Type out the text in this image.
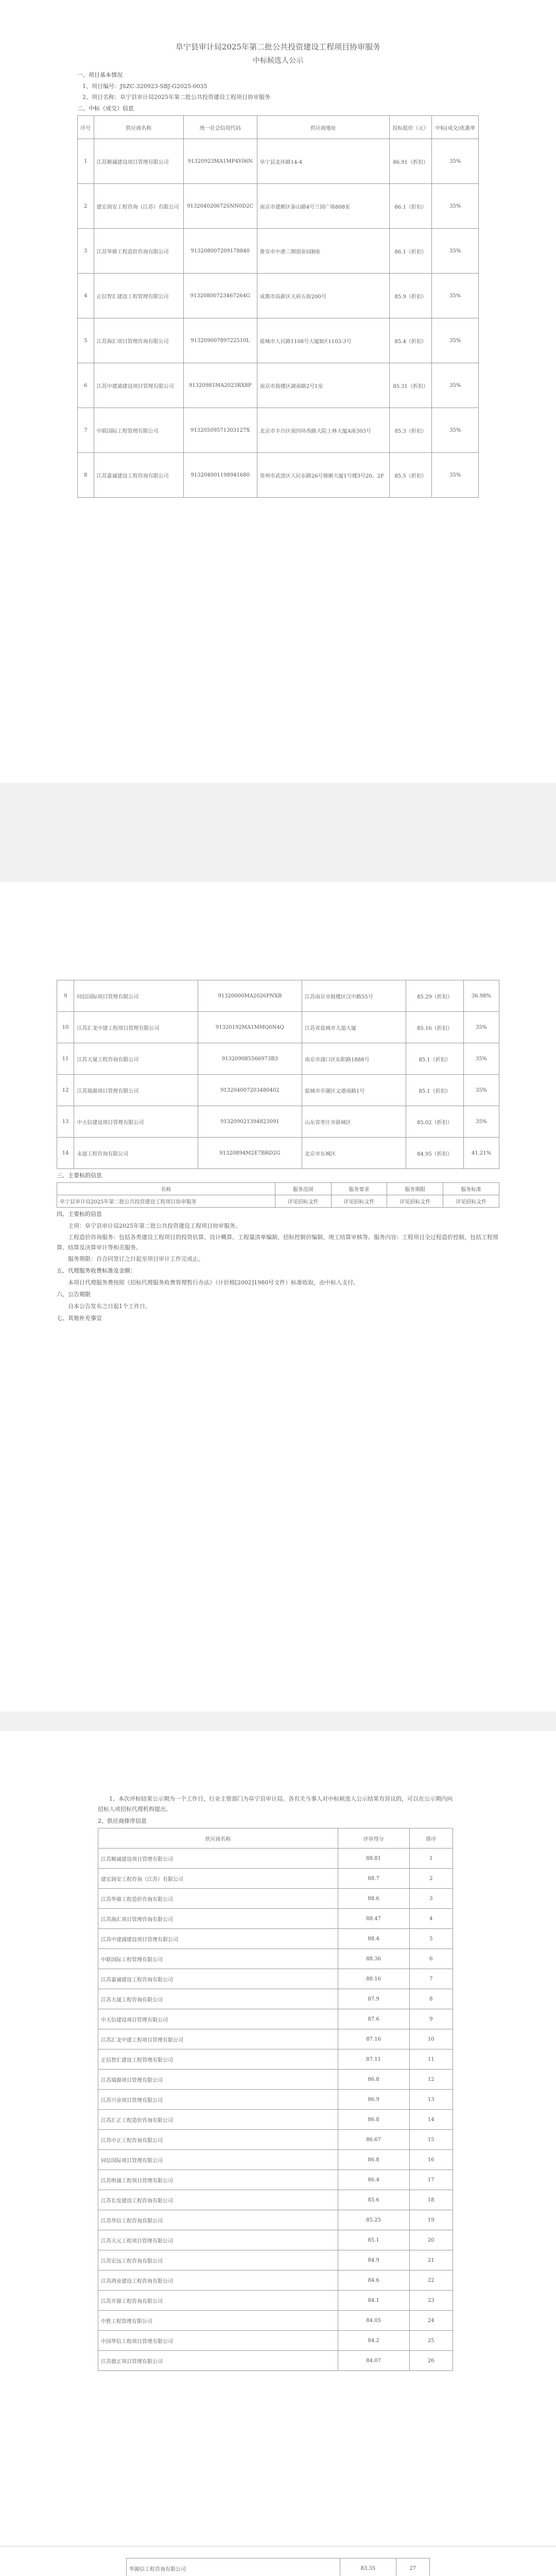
阜宁县审计局2025年第二批公共投资建设工程项目协审服务
中标候选人公示
一、项目基本情况
1、项目编号：JSZC-320923-SBJ-G2025-0035
2、项目名称：阜宁县审计局2025年第二批公共投资建设工程项目协审服务
二、中标（成交）信息
序号	供应商名称	统一社会信用代码	供应商地址	投标报价（元）	中标(成交)优惠率
1	江苏顺诚建设项目管理有限公司	91320923MA1MP4Y06N	阜宁县北环路14-4	86.91（折扣）	35%
2	建宏润安工程咨询（江苏）有限公司	913204020672SNN0D2C	南京市建邺区泰山路4号兰园广场808室	86.1（折扣）	35%
3	江苏华鼎工程造价咨询有限公司	913208007209178840	淮安市中港三期创业园B座	86.1（折扣）	35%
4	正信智汇建设工程管理有限公司	91320800723467264G	成都市高新区天府五街200号	85.9（折扣）	35%
5	江苏海汇项目管理咨询有限公司	91320900789722510L	盐城市人民路1108号大厦B区1103-3号	85.4（折扣）	35%
6	江苏中建浦建设项目管理有限公司	91320981MA2023RX8P	南京市鼓楼区湖南路2号1室	85.31（折扣）	35%
7	中联国际工程管理有限公司	91320509571303127X	北京市丰台区南四环西路大院上林大厦A座303号	85.3（折扣）	35%
8	江苏嘉诚建设工程咨询有限公司	913204001198941680	常州市武进区人民东路26号鼎顺大厦1号楼3号20、2F	85.5（折扣）	35%
9	同信国际项目管理有限公司	91320000MA2026PNXB	江苏南京市鼓楼区汉中路55号	85.29（折扣）	36.98%
10	江苏汇龙中建工程项目管理有限公司	91320192MA1MMQ0N4Q	江苏省盐城市大道大厦	85.16（折扣）	35%
11	江苏天晟工程咨询有限公司	913209085566973B3	南京市浦口区东阳路1888号	85.1（折扣）	35%
12	江苏瑞源项目管理有限公司	913204007203480402	盐城市亭湖区文港南路1号	85.1（折扣）	35%
13	中天信建设项目管理有限公司	913209021394823091	山东省枣庄市薛城区	85.02（折扣）	35%
14	永道工程咨询有限公司	91320894M2E7BRD2G	北京市东城区	84.95（折扣）	41.21%
三、主要标的信息
名称	服务范围	服务要求	服务期限	服务标准
阜宁县审计局2025年第二批公共投资建设工程项目协审服务	详见招标文件	详见招标文件	详见招标文件	详见招标文件
四、主要标的信息
主项：阜宁县审计局2025年第二批公共投资建设工程项目协审服务。
工程造价咨询服务：包括各类建设工程项目的投资估算、设计概算、工程量清单编制、招标控制价编制、竣工结算审核等。服务内容：工程项目全过程造价控制，包括工程预算、结算及决算审计等相关服务。
服务期限：自合同签订之日起至项目审计工作完成止。
五、代理服务收费标准及金额：
本项目代理服务费按照《招标代理服务收费管理暂行办法》（计价格[2002]1980号文件）标准收取，由中标人支付。
六、公告期限
自本公告发布之日起1个工作日。
七、其他补充事宜
1、本次评标结果公示期为一个工作日，行业主管部门为阜宁县审计局。各有关当事人对中标候选人公示结果有异议的，可以在公示期内向招标人或招标代理机构提出。
2、供应商排序信息
供应商名称	评审得分	排序
江苏顺诚建设项目管理有限公司	88.81	1
建宏润安工程咨询（江苏）有限公司	88.7	2
江苏华鼎工程造价咨询有限公司	88.6	3
江苏海汇项目管理咨询有限公司	88.47	4
江苏中建浦建设项目管理有限公司	88.4	5
中联国际工程管理有限公司	88.36	6
江苏嘉诚建设工程咨询有限公司	88.16	7
江苏天晟工程咨询有限公司	87.9	8
中天信建设项目管理有限公司	87.6	9
江苏汇龙中建工程项目管理有限公司	87.16	10
正信智汇建设工程管理有限公司	87.11	11
江苏瑞源项目管理有限公司	86.8	12
江苏兴业项目管理有限公司	86.9	13
江苏汇正工程造价咨询有限公司	86.8	14
江苏中正工程咨询有限公司	86.67	15
同信国际项目管理有限公司	86.8	16
江苏明诚工程项目管理有限公司	86.4	17
江苏长发建设工程咨询有限公司	85.6	18
江苏华信工程咨询有限公司	85.25	19
江苏天元工程项目管理有限公司	85.1	20
江苏宏远工程咨询有限公司	84.9	21
江苏鸿业建设工程咨询有限公司	84.6	22
江苏开源工程咨询有限公司	84.1	23
中胜工程管理有限公司	84.05	24
中国华信工程项目管理有限公司	84.2	25
江苏德正项目管理有限公司	84.07	26
华源信工程咨询有限公司	83.35	27
